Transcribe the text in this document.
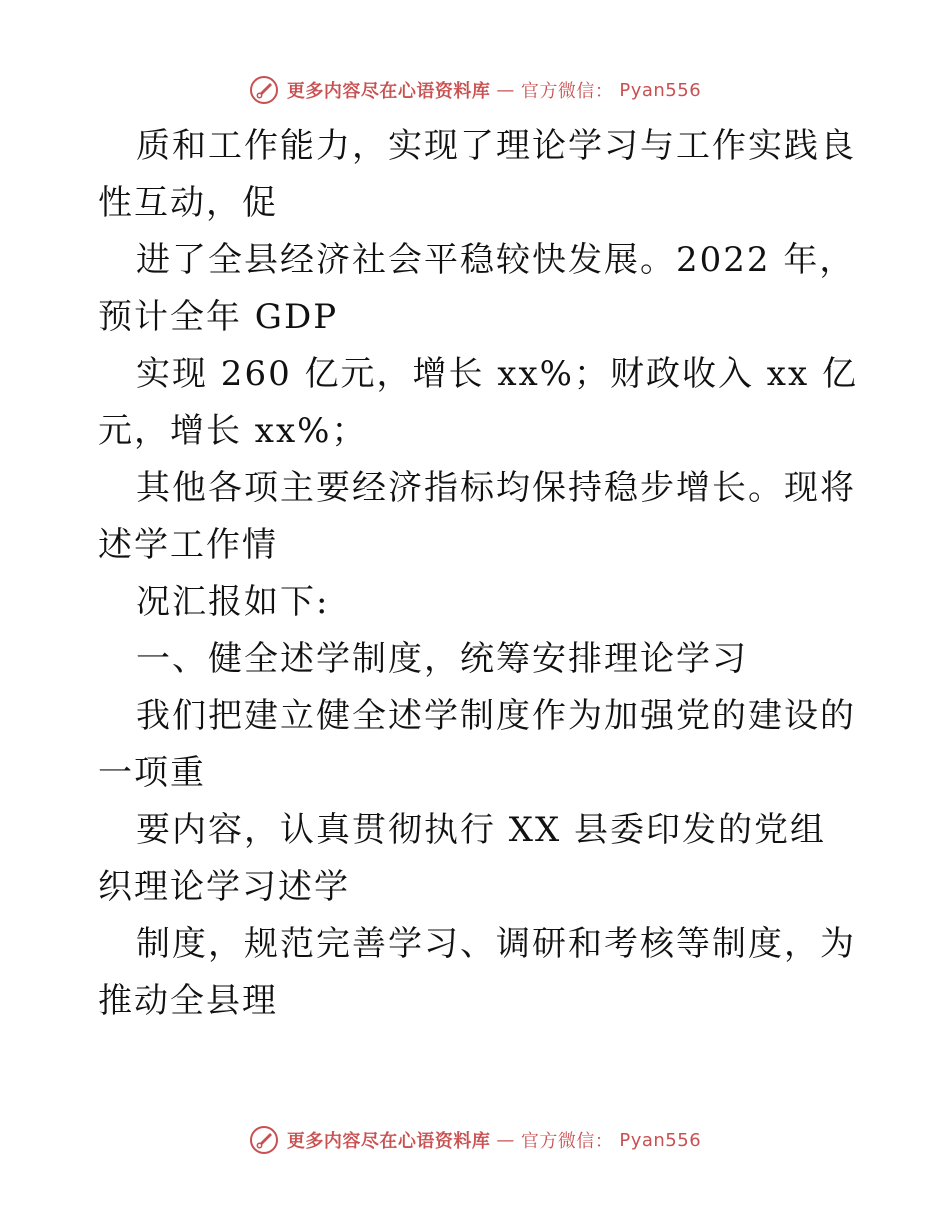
更多内容尽在心语资料库 — 官方微信： Pyan556

质和工作能力，实现了理论学习与工作实践良性互动，促

进了全县经济社会平稳较快发展。2022 年，预计全年 GDP

实现 260 亿元，增长 xx%；财政收入 xx 亿元，增长 xx%；

其他各项主要经济指标均保持稳步增长。现将述学工作情

况汇报如下:

一、健全述学制度，统筹安排理论学习

我们把建立健全述学制度作为加强党的建设的一项重

要内容，认真贯彻执行 XX 县委印发的党组织理论学习述学

制度，规范完善学习、调研和考核等制度，为推动全县理

更多内容尽在心语资料库 — 官方微信： Pyan556
